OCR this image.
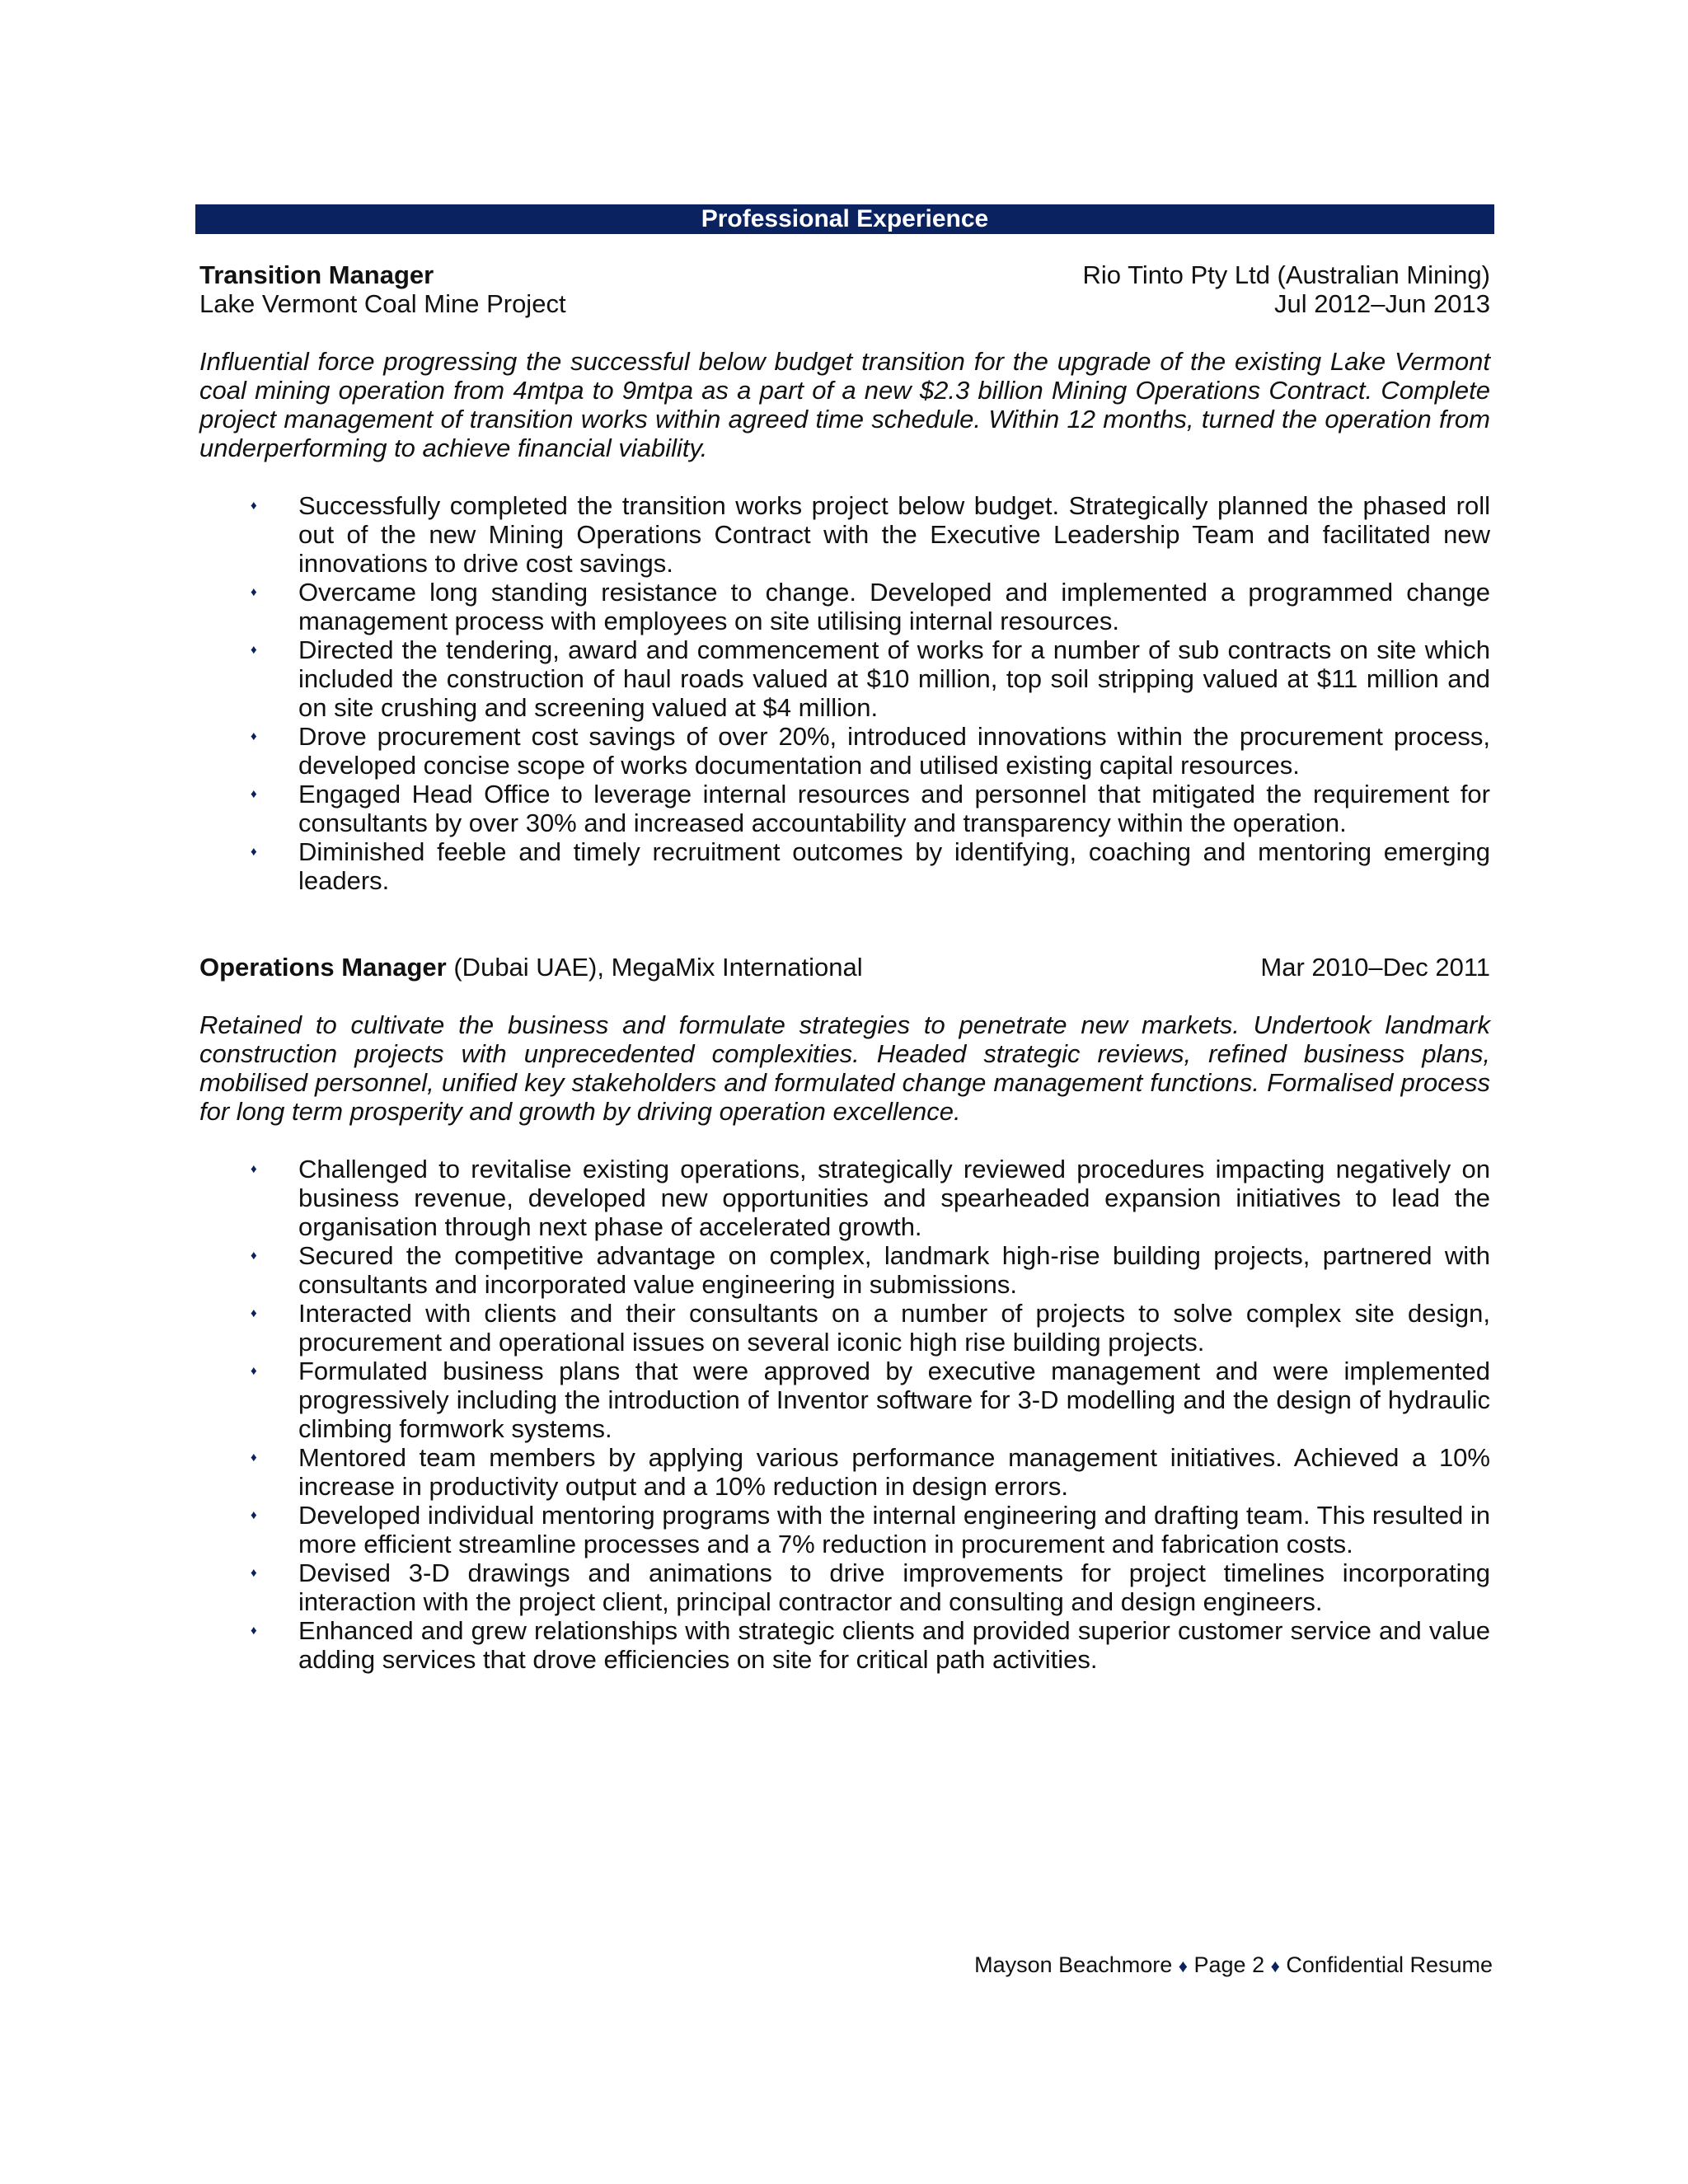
Professional Experience
Transition Manager	Rio Tinto Pty Ltd (Australian Mining)
Lake Vermont Coal Mine Project	Jul 2012–Jun 2013
Influential force progressing the successful below budget transition for the upgrade of the existing Lake Vermont coal mining operation from 4mtpa to 9mtpa as a part of a new $2.3 billion Mining Operations Contract. Complete project management of transition works within agreed time schedule. Within 12 months, turned the operation from underperforming to achieve financial viability.
♦ Successfully completed the transition works project below budget. Strategically planned the phased roll out of the new Mining Operations Contract with the Executive Leadership Team and facilitated new innovations to drive cost savings.
♦ Overcame long standing resistance to change. Developed and implemented a programmed change management process with employees on site utilising internal resources.
♦ Directed the tendering, award and commencement of works for a number of sub contracts on site which included the construction of haul roads valued at $10 million, top soil stripping valued at $11 million and on site crushing and screening valued at $4 million.
♦ Drove procurement cost savings of over 20%, introduced innovations within the procurement process, developed concise scope of works documentation and utilised existing capital resources.
♦ Engaged Head Office to leverage internal resources and personnel that mitigated the requirement for consultants by over 30% and increased accountability and transparency within the operation.
♦ Diminished feeble and timely recruitment outcomes by identifying, coaching and mentoring emerging leaders.
Operations Manager (Dubai UAE), MegaMix International	Mar 2010–Dec 2011
Retained to cultivate the business and formulate strategies to penetrate new markets. Undertook landmark construction projects with unprecedented complexities. Headed strategic reviews, refined business plans, mobilised personnel, unified key stakeholders and formulated change management functions. Formalised process for long term prosperity and growth by driving operation excellence.
♦ Challenged to revitalise existing operations, strategically reviewed procedures impacting negatively on business revenue, developed new opportunities and spearheaded expansion initiatives to lead the organisation through next phase of accelerated growth.
♦ Secured the competitive advantage on complex, landmark high-rise building projects, partnered with consultants and incorporated value engineering in submissions.
♦ Interacted with clients and their consultants on a number of projects to solve complex site design, procurement and operational issues on several iconic high rise building projects.
♦ Formulated business plans that were approved by executive management and were implemented progressively including the introduction of Inventor software for 3-D modelling and the design of hydraulic climbing formwork systems.
♦ Mentored team members by applying various performance management initiatives. Achieved a 10% increase in productivity output and a 10% reduction in design errors.
♦ Developed individual mentoring programs with the internal engineering and drafting team. This resulted in more efficient streamline processes and a 7% reduction in procurement and fabrication costs.
♦ Devised 3-D drawings and animations to drive improvements for project timelines incorporating interaction with the project client, principal contractor and consulting and design engineers.
♦ Enhanced and grew relationships with strategic clients and provided superior customer service and value adding services that drove efficiencies on site for critical path activities.
Mayson Beachmore ♦ Page 2 ♦ Confidential Resume
